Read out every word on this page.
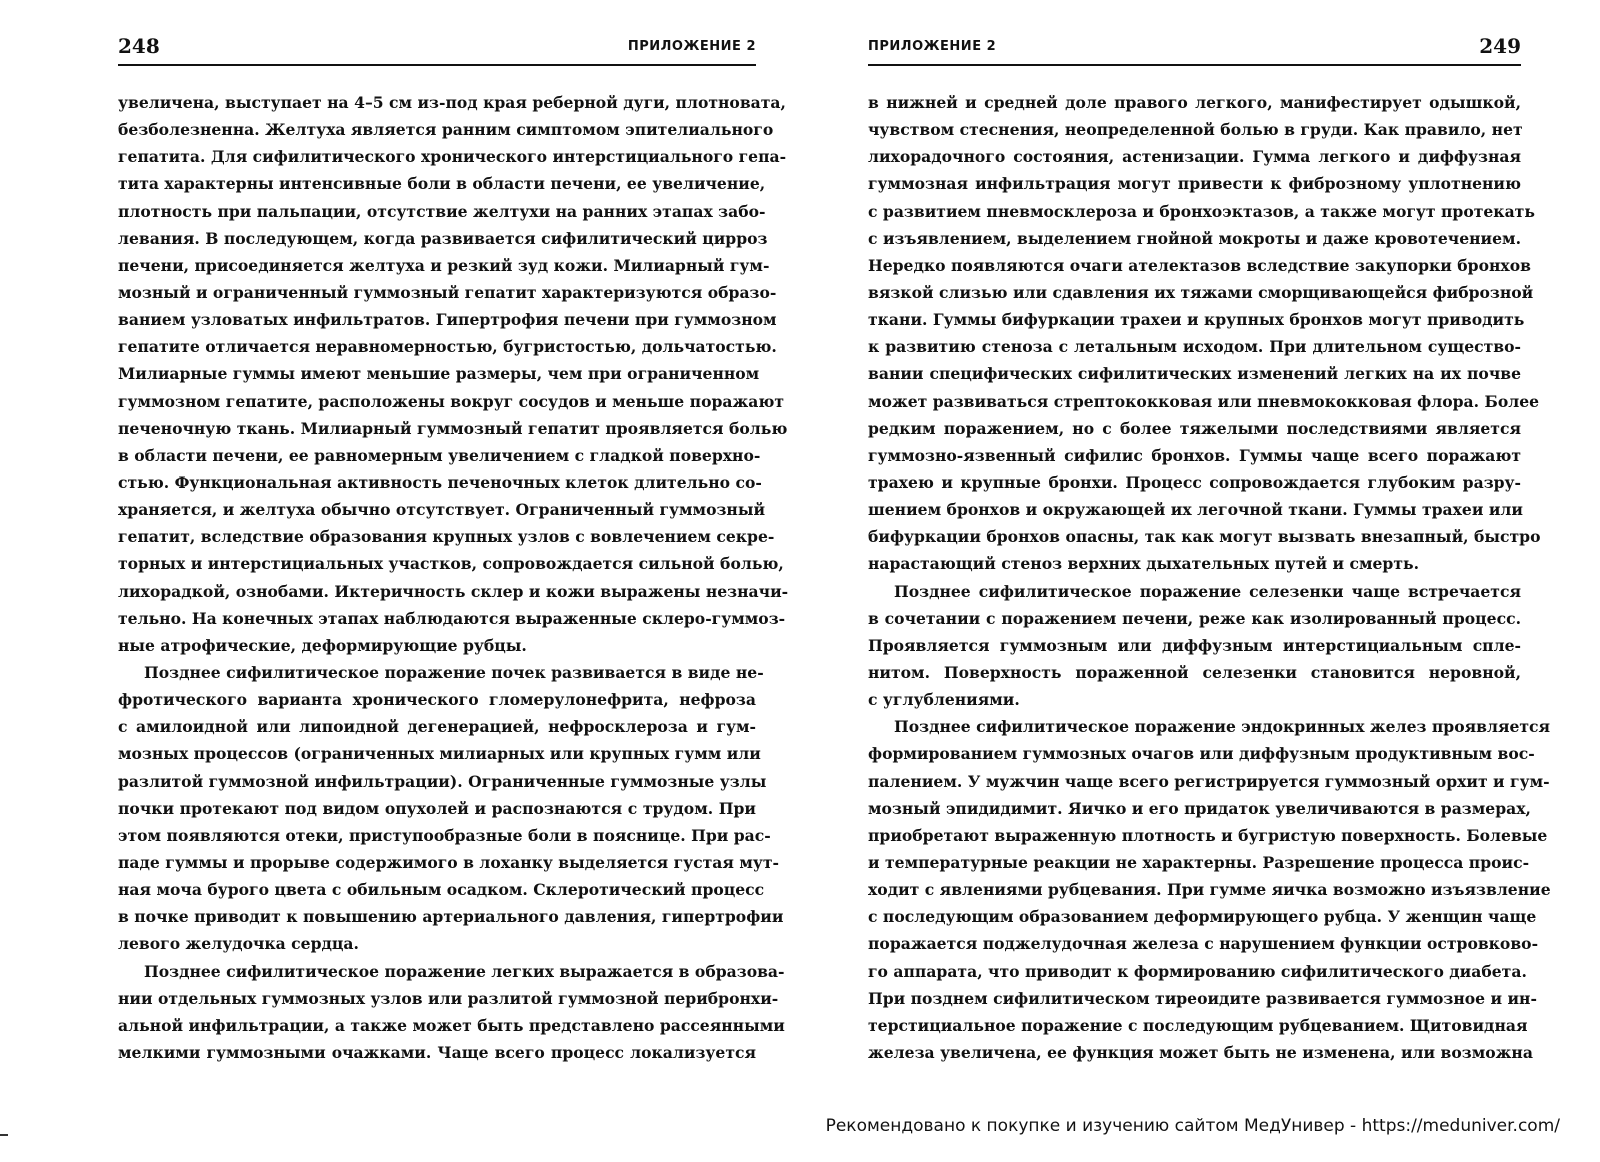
248	ПРИЛОЖЕНИЕ 2
увеличена, выступает на 4–5 см из-под края реберной дуги, плотновата,
безболезненна. Желтуха является ранним симптомом эпителиального
гепатита. Для сифилитического хронического интерстициального гепа-
тита характерны интенсивные боли в области печени, ее увеличение,
плотность при пальпации, отсутствие желтухи на ранних этапах забо-
левания. В последующем, когда развивается сифилитический цирроз
печени, присоединяется желтуха и резкий зуд кожи. Милиарный гум-
мозный и ограниченный гуммозный гепатит характеризуются образо-
ванием узловатых инфильтратов. Гипертрофия печени при гуммозном
гепатите отличается неравномерностью, бугристостью, дольчатостью.
Милиарные гуммы имеют меньшие размеры, чем при ограниченном
гуммозном гепатите, расположены вокруг сосудов и меньше поражают
печеночную ткань. Милиарный гуммозный гепатит проявляется болью
в области печени, ее равномерным увеличением с гладкой поверхно-
стью. Функциональная активность печеночных клеток длительно со-
храняется, и желтуха обычно отсутствует. Ограниченный гуммозный
гепатит, вследствие образования крупных узлов с вовлечением секре-
торных и интерстициальных участков, сопровождается сильной болью,
лихорадкой, ознобами. Иктеричность склер и кожи выражены незначи-
тельно. На конечных этапах наблюдаются выраженные склеро-гуммоз-
ные атрофические, деформирующие рубцы.
Позднее сифилитическое поражение почек развивается в виде не-
фротического варианта хронического гломерулонефрита, нефроза
с амилоидной или липоидной дегенерацией, нефросклероза и гум-
мозных процессов (ограниченных милиарных или крупных гумм или
разлитой гуммозной инфильтрации). Ограниченные гуммозные узлы
почки протекают под видом опухолей и распознаются с трудом. При
этом появляются отеки, приступообразные боли в пояснице. При рас-
паде гуммы и прорыве содержимого в лоханку выделяется густая мут-
ная моча бурого цвета с обильным осадком. Склеротический процесс
в почке приводит к повышению артериального давления, гипертрофии
левого желудочка сердца.
Позднее сифилитическое поражение легких выражается в образова-
нии отдельных гуммозных узлов или разлитой гуммозной перибронхи-
альной инфильтрации, а также может быть представлено рассеянными
мелкими гуммозными очажками. Чаще всего процесс локализуется
ПРИЛОЖЕНИЕ 2	249
в нижней и средней доле правого легкого, манифестирует одышкой,
чувством стеснения, неопределенной болью в груди. Как правило, нет
лихорадочного состояния, астенизации. Гумма легкого и диффузная
гуммозная инфильтрация могут привести к фиброзному уплотнению
с развитием пневмосклероза и бронхоэктазов, а также могут протекать
с изъявлением, выделением гнойной мокроты и даже кровотечением.
Нередко появляются очаги ателектазов вследствие закупорки бронхов
вязкой слизью или сдавления их тяжами сморщивающейся фиброзной
ткани. Гуммы бифуркации трахеи и крупных бронхов могут приводить
к развитию стеноза с летальным исходом. При длительном существо-
вании специфических сифилитических изменений легких на их почве
может развиваться стрептококковая или пневмококковая флора. Более
редким поражением, но с более тяжелыми последствиями является
гуммозно-язвенный сифилис бронхов. Гуммы чаще всего поражают
трахею и крупные бронхи. Процесс сопровождается глубоким разру-
шением бронхов и окружающей их легочной ткани. Гуммы трахеи или
бифуркации бронхов опасны, так как могут вызвать внезапный, быстро
нарастающий стеноз верхних дыхательных путей и смерть.
Позднее сифилитическое поражение селезенки чаще встречается
в сочетании с поражением печени, реже как изолированный процесс.
Проявляется гуммозным или диффузным интерстициальным спле-
нитом. Поверхность пораженной селезенки становится неровной,
с углублениями.
Позднее сифилитическое поражение эндокринных желез проявляется
формированием гуммозных очагов или диффузным продуктивным вос-
палением. У мужчин чаще всего регистрируется гуммозный орхит и гум-
мозный эпидидимит. Яичко и его придаток увеличиваются в размерах,
приобретают выраженную плотность и бугристую поверхность. Болевые
и температурные реакции не характерны. Разрешение процесса проис-
ходит с явлениями рубцевания. При гумме яичка возможно изъязвление
с последующим образованием деформирующего рубца. У женщин чаще
поражается поджелудочная железа с нарушением функции островково-
го аппарата, что приводит к формированию сифилитического диабета.
При позднем сифилитическом тиреоидите развивается гуммозное и ин-
терстициальное поражение с последующим рубцеванием. Щитовидная
железа увеличена, ее функция может быть не изменена, или возможна
Рекомендовано к покупке и изучению сайтом МедУнивер - https://meduniver.com/
